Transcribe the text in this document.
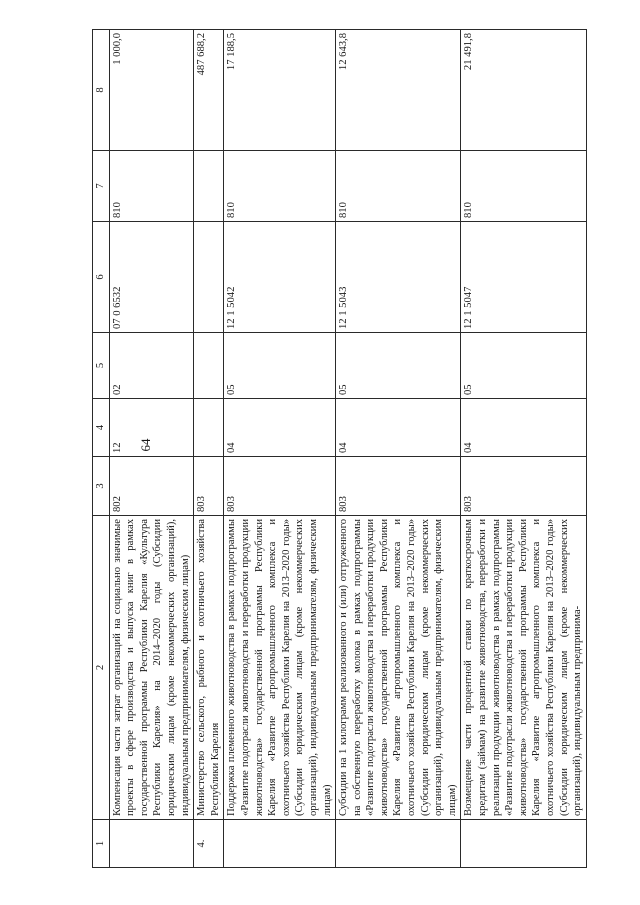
64
1	2	3	4	5	6	7	8
	Компенсация части затрат организаций на социально значимые проекты в сфере производства и выпуска книг в рамках государственной программы Республики Карелия «Культура Республики Карелия» на 2014–2020 годы (Субсидии юридическим лицам (кроме некоммерческих организаций), индивидуальным предпринимателям, физическим лицам)	802	12	02	07 0 6532	810	1 000,0
4.	Министерство сельского, рыбного и охотничьего хозяйства Республики Карелия	803					487 688,2
	Поддержка племенного животноводства в рамках подпрограммы «Развитие подотрасли животноводства и переработки продукции животноводства» государственной программы Республики Карелия «Развитие агропромышленного комплекса и охотничьего хозяйства Республики Карелия на 2013–2020 годы» (Субсидии юридическим лицам (кроме некоммерческих организаций), индивидуальным предпринимателям, физическим лицам)	803	04	05	12 1 5042	810	17 188,5
	Субсидии на 1 килограмм реализованного и (или) отгруженного на собственную переработку молока в рамках подпрограммы «Развитие подотрасли животноводства и переработки продукции животноводства» государственной программы Республики Карелия «Развитие агропромышленного комплекса и охотничьего хозяйства Республики Карелия на 2013–2020 годы» (Субсидии юридическим лицам (кроме некоммерческих организаций), индивидуальным предпринимателям, физическим лицам)	803	04	05	12 1 5043	810	12 643,8
	Возмещение части процентной ставки по краткосрочным кредитам (займам) на развитие животноводства, переработки и реализации продукции животноводства в рамках подпрограммы «Развитие подотрасли животноводства и переработки продукции животноводства» государственной программы Республики Карелия «Развитие агропромышленного комплекса и охотничьего хозяйства Республики Карелия на 2013–2020 годы» (Субсидии юридическим лицам (кроме некоммерческих организаций), индивидуальным предпринима-	803	04	05	12 1 5047	810	21 491,8
